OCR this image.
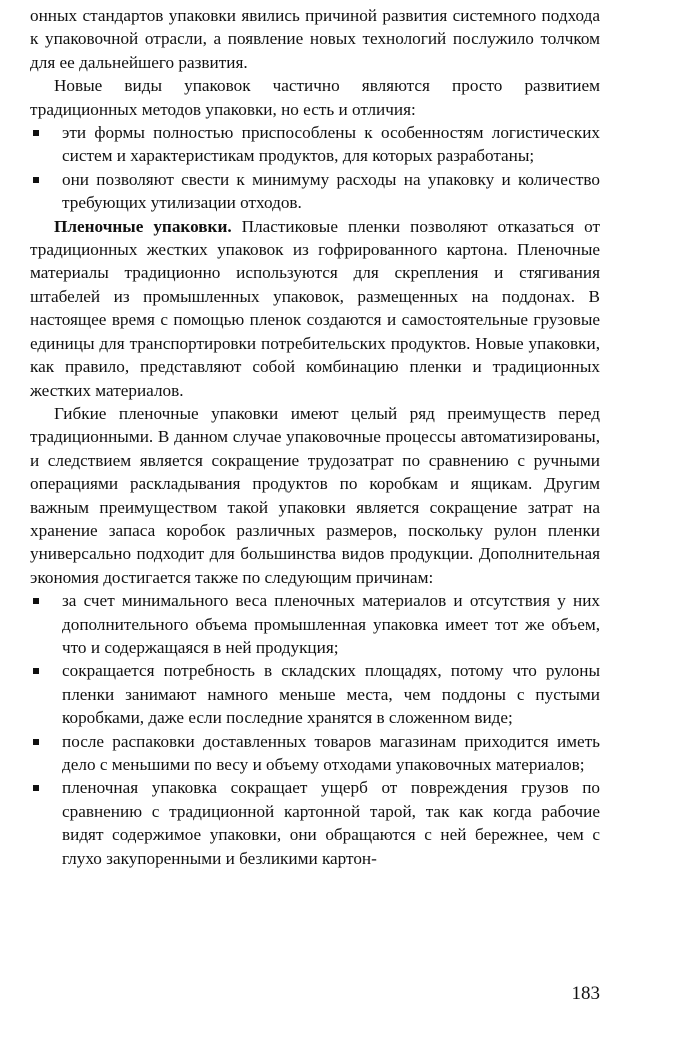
онных стандартов упаковки явились причиной развития системного подхода к упаковочной отрасли, а появление новых технологий послужило толчком для ее дальнейшего развития.

Новые виды упаковок частично являются просто развитием традиционных методов упаковки, но есть и отличия:

эти формы полностью приспособлены к особенностям логистических систем и характеристикам продуктов, для которых разработаны;
они позволяют свести к минимуму расходы на упаковку и количество требующих утилизации отходов.

Пленочные упаковки. Пластиковые пленки позволяют отказаться от традиционных жестких упаковок из гофрированного картона. Пленочные материалы традиционно используются для скрепления и стягивания штабелей из промышленных упаковок, размещенных на поддонах. В настоящее время с помощью пленок создаются и самостоятельные грузовые единицы для транспортировки потребительских продуктов. Новые упаковки, как правило, представляют собой комбинацию пленки и традиционных жестких материалов.

Гибкие пленочные упаковки имеют целый ряд преимуществ перед традиционными. В данном случае упаковочные процессы автоматизированы, и следствием является сокращение трудозатрат по сравнению с ручными операциями раскладывания продуктов по коробкам и ящикам. Другим важным преимуществом такой упаковки является сокращение затрат на хранение запаса коробок различных размеров, поскольку рулон пленки универсально подходит для большинства видов продукции. Дополнительная экономия достигается также по следующим причинам:

за счет минимального веса пленочных материалов и отсутствия у них дополнительного объема промышленная упаковка имеет тот же объем, что и содержащаяся в ней продукция;
сокращается потребность в складских площадях, потому что рулоны пленки занимают намного меньше места, чем поддоны с пустыми коробками, даже если последние хранятся в сложенном виде;
после распаковки доставленных товаров магазинам приходится иметь дело с меньшими по весу и объему отходами упаковочных материалов;
пленочная упаковка сокращает ущерб от повреждения грузов по сравнению с традиционной картонной тарой, так как когда рабочие видят содержимое упаковки, они обращаются с ней бережнее, чем с глухо закупоренными и безликими картон-
183
